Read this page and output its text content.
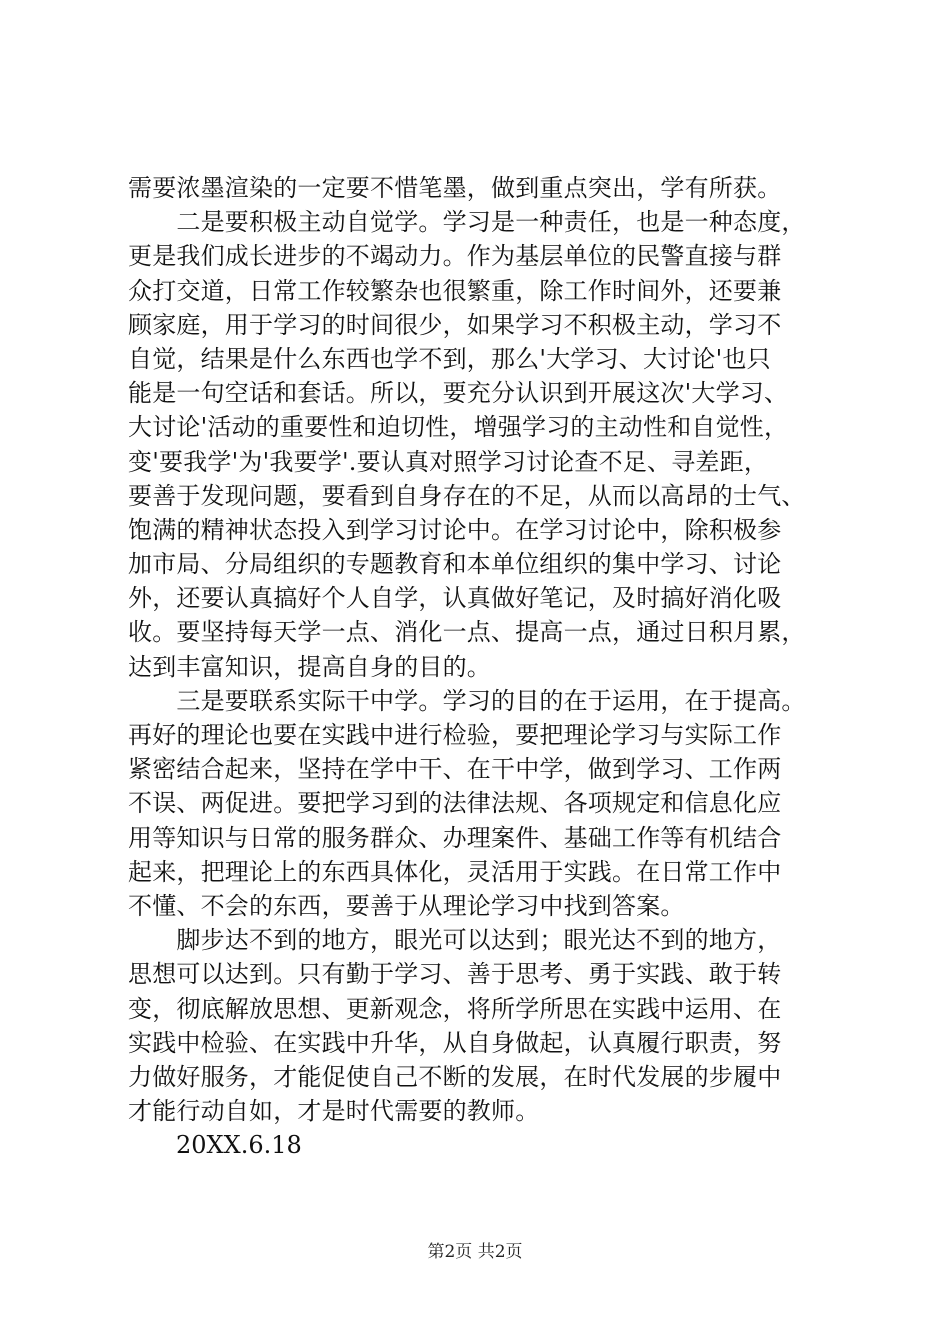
需要浓墨渲染的一定要不惜笔墨，做到重点突出，学有所获。
　　二是要积极主动自觉学。学习是一种责任，也是一种态度，
更是我们成长进步的不竭动力。作为基层单位的民警直接与群
众打交道，日常工作较繁杂也很繁重，除工作时间外，还要兼
顾家庭，用于学习的时间很少，如果学习不积极主动，学习不
自觉，结果是什么东西也学不到，那么'大学习、大讨论'也只
能是一句空话和套话。所以，要充分认识到开展这次'大学习、
大讨论'活动的重要性和迫切性，增强学习的主动性和自觉性，
变'要我学'为'我要学'.要认真对照学习讨论查不足、寻差距，
要善于发现问题，要看到自身存在的不足，从而以高昂的士气、
饱满的精神状态投入到学习讨论中。在学习讨论中，除积极参
加市局、分局组织的专题教育和本单位组织的集中学习、讨论
外，还要认真搞好个人自学，认真做好笔记，及时搞好消化吸
收。要坚持每天学一点、消化一点、提高一点，通过日积月累，
达到丰富知识，提高自身的目的。
　　三是要联系实际干中学。学习的目的在于运用，在于提高。
再好的理论也要在实践中进行检验，要把理论学习与实际工作
紧密结合起来，坚持在学中干、在干中学，做到学习、工作两
不误、两促进。要把学习到的法律法规、各项规定和信息化应
用等知识与日常的服务群众、办理案件、基础工作等有机结合
起来，把理论上的东西具体化，灵活用于实践。在日常工作中
不懂、不会的东西，要善于从理论学习中找到答案。
　　脚步达不到的地方，眼光可以达到；眼光达不到的地方，
思想可以达到。只有勤于学习、善于思考、勇于实践、敢于转
变，彻底解放思想、更新观念，将所学所思在实践中运用、在
实践中检验、在实践中升华，从自身做起，认真履行职责，努
力做好服务，才能促使自己不断的发展，在时代发展的步履中
才能行动自如，才是时代需要的教师。
20XX.6.18
第2页 共2页
